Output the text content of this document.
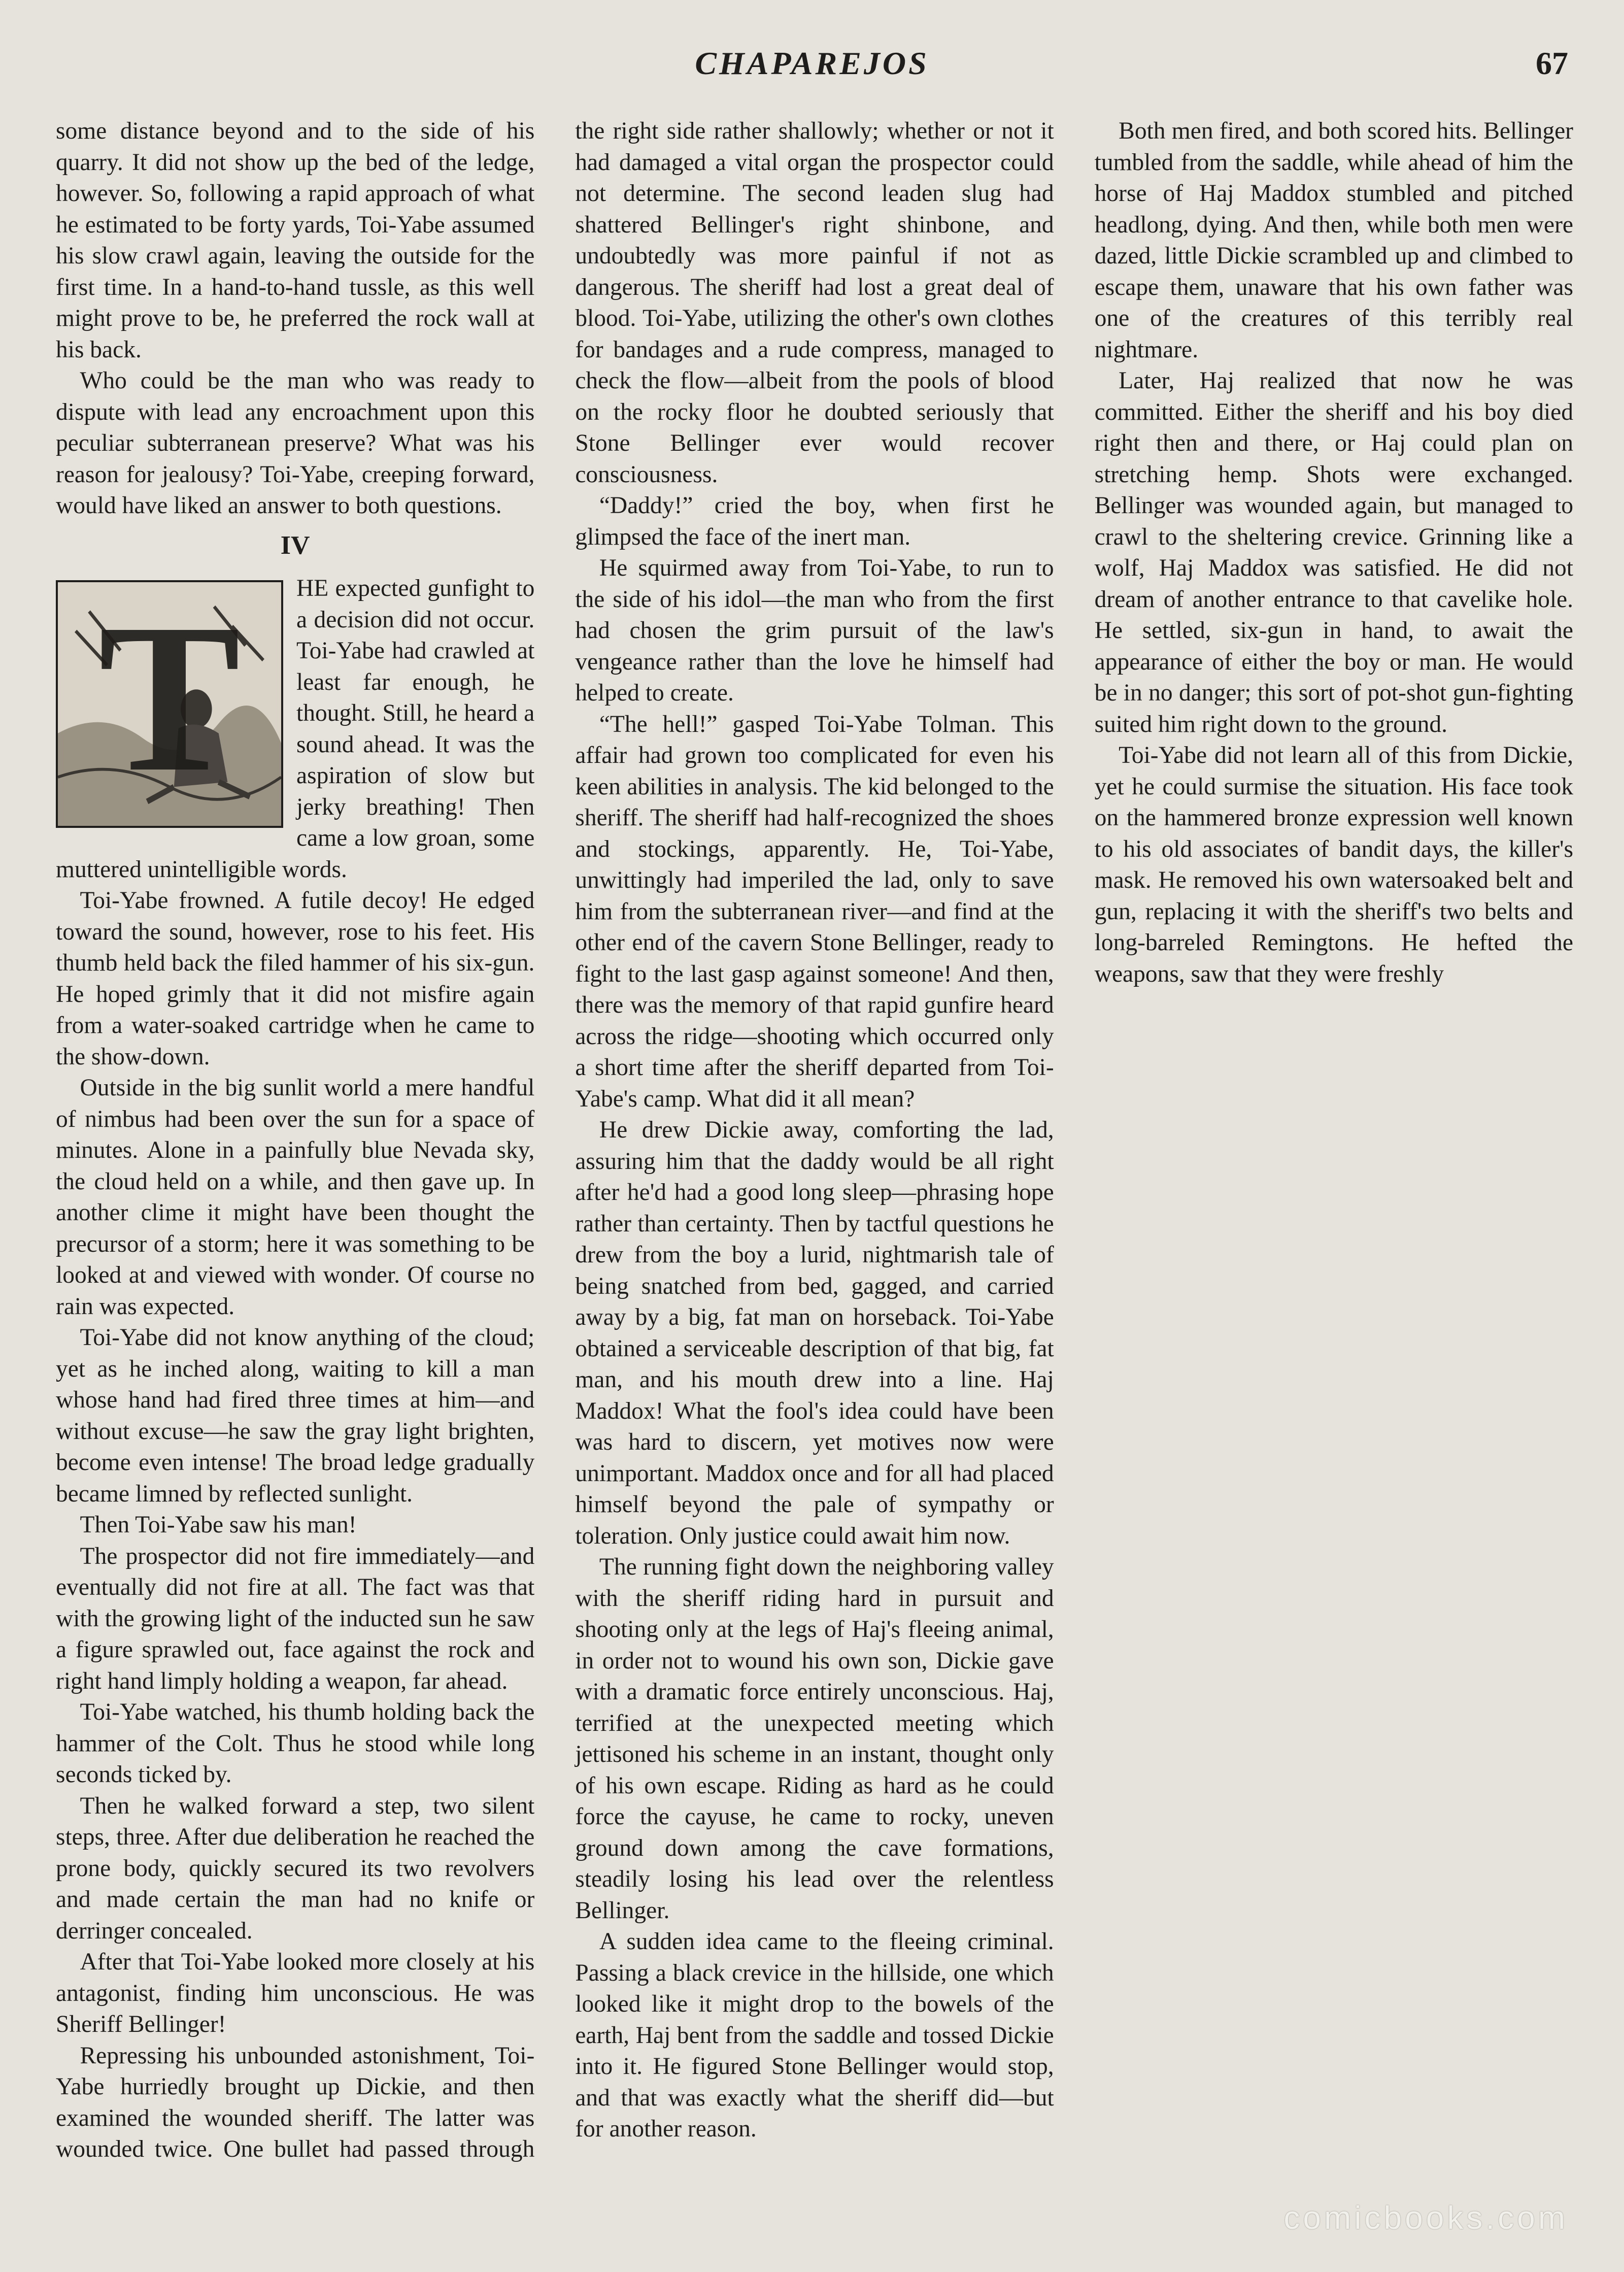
CHAPAREJOS	67

some distance beyond and to the side of his quarry. It did not show up the bed of the ledge, however. So, following a rapid approach of what he estimated to be forty yards, Toi-Yabe assumed his slow crawl again, leaving the outside for the first time. In a hand-to-hand tussle, as this well might prove to be, he preferred the rock wall at his back.

Who could be the man who was ready to dispute with lead any encroachment upon this peculiar subterranean preserve? What was his reason for jealousy? Toi-Yabe, creeping forward, would have liked an answer to both questions.

IV

T	HE expected gunfight to a decision did not occur. Toi-Yabe had crawled at least far enough, he thought. Still, he heard a sound ahead. It was the aspiration of slow but jerky breathing! Then came a low groan, some muttered unintelligible words.

Toi-Yabe frowned. A futile decoy! He edged toward the sound, however, rose to his feet. His thumb held back the filed hammer of his six-gun. He hoped grimly that it did not misfire again from a water-soaked cartridge when he came to the show-down.

Outside in the big sunlit world a mere handful of nimbus had been over the sun for a space of minutes. Alone in a painfully blue Nevada sky, the cloud held on a while, and then gave up. In another clime it might have been thought the precursor of a storm; here it was something to be looked at and viewed with wonder. Of course no rain was expected.

Toi-Yabe did not know anything of the cloud; yet as he inched along, waiting to kill a man whose hand had fired three times at him—and without excuse—he saw the gray light brighten, become even intense! The broad ledge gradually became limned by reflected sunlight.

Then Toi-Yabe saw his man!

The prospector did not fire immediately—and eventually did not fire at all. The fact was that with the growing light of the inducted sun he saw a figure sprawled out, face against the rock and right hand limply holding a weapon, far ahead.

Toi-Yabe watched, his thumb holding back the hammer of the Colt. Thus he stood while long seconds ticked by.

Then he walked forward a step, two silent steps, three. After due deliberation he reached the prone body, quickly secured its two revolvers and made certain the man had no knife or derringer concealed.

After that Toi-Yabe looked more closely at his antagonist, finding him unconscious. He was Sheriff Bellinger!

Repressing his unbounded astonishment, Toi-Yabe hurriedly brought up Dickie, and then examined the wounded sheriff. The latter was wounded twice. One bullet had passed through the right side rather shallowly; whether or not it had damaged a vital organ the prospector could not determine. The second leaden slug had shattered Bellinger's right shinbone, and undoubtedly was more painful if not as dangerous. The sheriff had lost a great deal of blood. Toi-Yabe, utilizing the other's own clothes for bandages and a rude compress, managed to check the flow—albeit from the pools of blood on the rocky floor he doubted seriously that Stone Bellinger ever would recover consciousness.

“Daddy!” cried the boy, when first he glimpsed the face of the inert man.

He squirmed away from Toi-Yabe, to run to the side of his idol—the man who from the first had chosen the grim pursuit of the law's vengeance rather than the love he himself had helped to create.

“The hell!” gasped Toi-Yabe Tolman. This affair had grown too complicated for even his keen abilities in analysis. The kid belonged to the sheriff. The sheriff had half-recognized the shoes and stockings, apparently. He, Toi-Yabe, unwittingly had imperiled the lad, only to save him from the subterranean river—and find at the other end of the cavern Stone Bellinger, ready to fight to the last gasp against someone! And then, there was the memory of that rapid gunfire heard across the ridge—shooting which occurred only a short time after the sheriff departed from Toi-Yabe's camp. What did it all mean?

He drew Dickie away, comforting the lad, assuring him that the daddy would be all right after he'd had a good long sleep—phrasing hope rather than certainty. Then by tactful questions he drew from the boy a lurid, nightmarish tale of being snatched from bed, gagged, and carried away by a big, fat man on horseback. Toi-Yabe obtained a serviceable description of that big, fat man, and his mouth drew into a line. Haj Maddox! What the fool's idea could have been was hard to discern, yet motives now were unimportant. Maddox once and for all had placed himself beyond the pale of sympathy or toleration. Only justice could await him now.

The running fight down the neighboring valley with the sheriff riding hard in pursuit and shooting only at the legs of Haj's fleeing animal, in order not to wound his own son, Dickie gave with a dramatic force entirely unconscious. Haj, terrified at the unexpected meeting which jettisoned his scheme in an instant, thought only of his own escape. Riding as hard as he could force the cayuse, he came to rocky, uneven ground down among the cave formations, steadily losing his lead over the relentless Bellinger.

A sudden idea came to the fleeing criminal. Passing a black crevice in the hillside, one which looked like it might drop to the bowels of the earth, Haj bent from the saddle and tossed Dickie into it. He figured Stone Bellinger would stop, and that was exactly what the sheriff did—but for another reason.

Both men fired, and both scored hits. Bellinger tumbled from the saddle, while ahead of him the horse of Haj Maddox stumbled and pitched headlong, dying. And then, while both men were dazed, little Dickie scrambled up and climbed to escape them, unaware that his own father was one of the creatures of this terribly real nightmare.

Later, Haj realized that now he was committed. Either the sheriff and his boy died right then and there, or Haj could plan on stretching hemp. Shots were exchanged. Bellinger was wounded again, but managed to crawl to the sheltering crevice. Grinning like a wolf, Haj Maddox was satisfied. He did not dream of another entrance to that cavelike hole. He settled, six-gun in hand, to await the appearance of either the boy or man. He would be in no danger; this sort of pot-shot gun-fighting suited him right down to the ground.

Toi-Yabe did not learn all of this from Dickie, yet he could surmise the situation. His face took on the hammered bronze expression well known to his old associates of bandit days, the killer's mask. He removed his own watersoaked belt and gun, replacing it with the sheriff's two belts and long-barreled Remingtons. He hefted the weapons, saw that they were freshly

comicbooks.com
